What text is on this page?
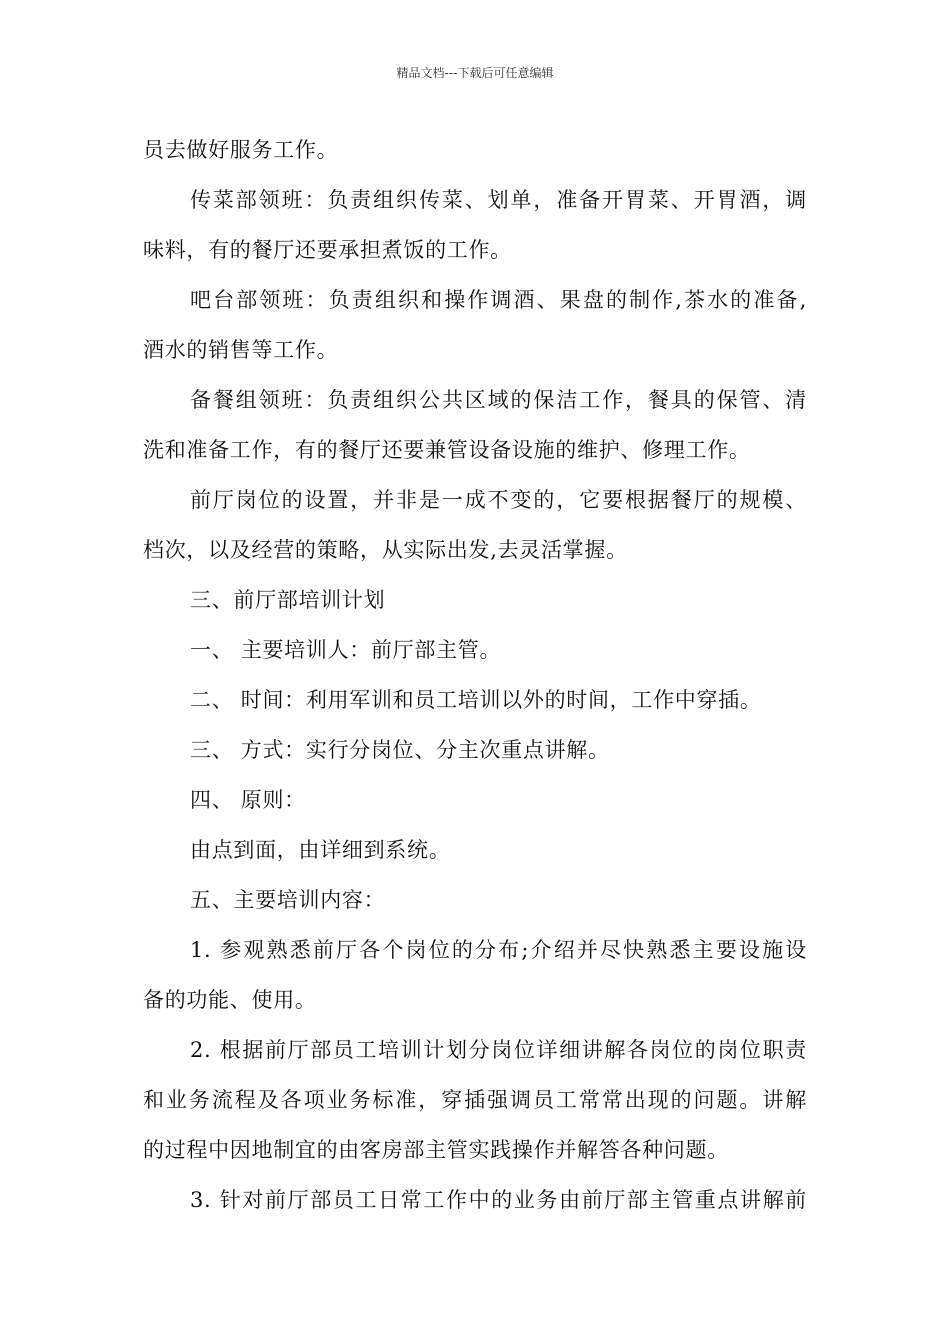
精品文档---下载后可任意编辑
员去做好服务工作。
传菜部领班：负责组织传菜、划单，准备开胃菜、开胃酒，调
味料，有的餐厅还要承担煮饭的工作。
吧台部领班：负责组织和操作调酒、果盘的制作,茶水的准备,
酒水的销售等工作。
备餐组领班：负责组织公共区域的保洁工作，餐具的保管、清
洗和准备工作，有的餐厅还要兼管设备设施的维护、修理工作。
前厅岗位的设置，并非是一成不变的，它要根据餐厅的规模、
档次，以及经营的策略，从实际出发,去灵活掌握。
三、前厅部培训计划
一、 主要培训人：前厅部主管。
二、 时间：利用军训和员工培训以外的时间，工作中穿插。
三、 方式：实行分岗位、分主次重点讲解。
四、 原则：
由点到面，由详细到系统。
五、主要培训内容：
1. 参观熟悉前厅各个岗位的分布;介绍并尽快熟悉主要设施设
备的功能、使用。
2. 根据前厅部员工培训计划分岗位详细讲解各岗位的岗位职责
和业务流程及各项业务标准，穿插强调员工常常出现的问题。讲解
的过程中因地制宜的由客房部主管实践操作并解答各种问题。
3. 针对前厅部员工日常工作中的业务由前厅部主管重点讲解前
